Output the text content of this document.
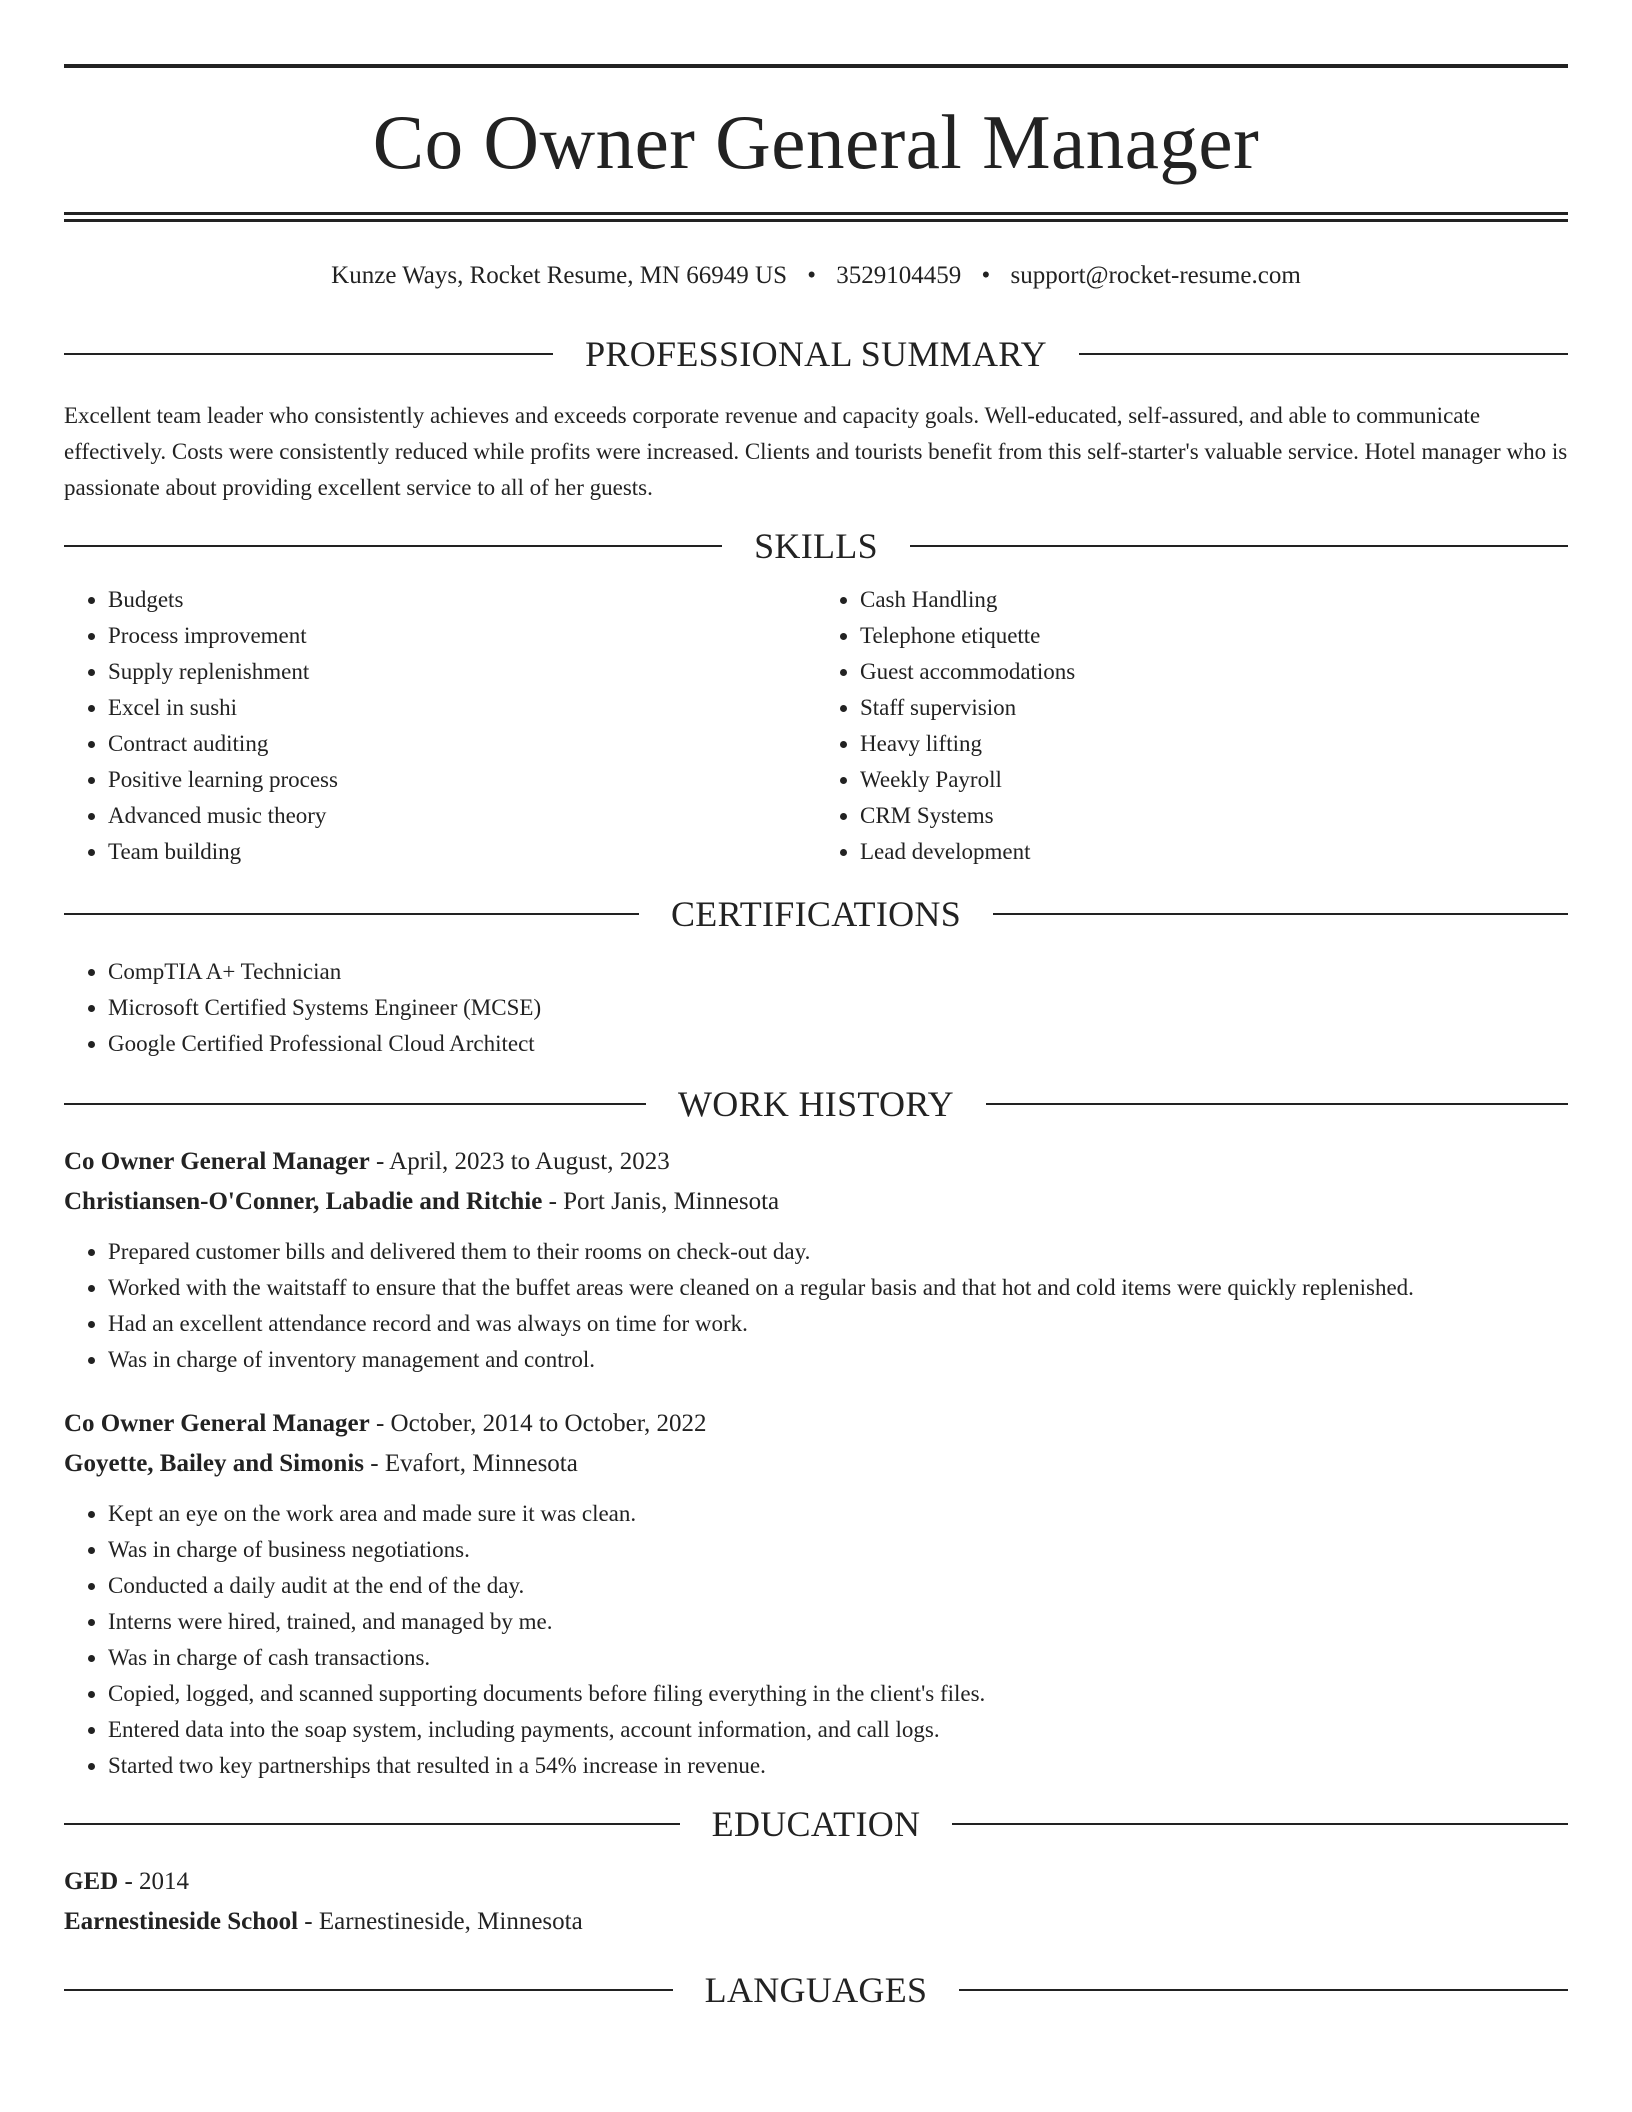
Co Owner General Manager
Kunze Ways, Rocket Resume, MN 66949 US • 3529104459 • support@rocket-resume.com
PROFESSIONAL SUMMARY

Excellent team leader who consistently achieves and exceeds corporate revenue and capacity goals. Well-educated, self-assured, and able to communicate effectively. Costs were consistently reduced while profits were increased. Clients and tourists benefit from this self-starter's valuable service. Hotel manager who is passionate about providing excellent service to all of her guests.

SKILLS
• Budgets
• Process improvement
• Supply replenishment
• Excel in sushi
• Contract auditing
• Positive learning process
• Advanced music theory
• Team building
• Cash Handling
• Telephone etiquette
• Guest accommodations
• Staff supervision
• Heavy lifting
• Weekly Payroll
• CRM Systems
• Lead development
CERTIFICATIONS
• CompTIA A+ Technician
• Microsoft Certified Systems Engineer (MCSE)
• Google Certified Professional Cloud Architect
WORK HISTORY
Co Owner General Manager - April, 2023 to August, 2023
Christiansen-O'Conner, Labadie and Ritchie - Port Janis, Minnesota
• Prepared customer bills and delivered them to their rooms on check-out day.
• Worked with the waitstaff to ensure that the buffet areas were cleaned on a regular basis and that hot and cold items were quickly replenished.
• Had an excellent attendance record and was always on time for work.
• Was in charge of inventory management and control.
Co Owner General Manager - October, 2014 to October, 2022
Goyette, Bailey and Simonis - Evafort, Minnesota
• Kept an eye on the work area and made sure it was clean.
• Was in charge of business negotiations.
• Conducted a daily audit at the end of the day.
• Interns were hired, trained, and managed by me.
• Was in charge of cash transactions.
• Copied, logged, and scanned supporting documents before filing everything in the client's files.
• Entered data into the soap system, including payments, account information, and call logs.
• Started two key partnerships that resulted in a 54% increase in revenue.
EDUCATION
GED - 2014
Earnestineside School - Earnestineside, Minnesota
LANGUAGES
